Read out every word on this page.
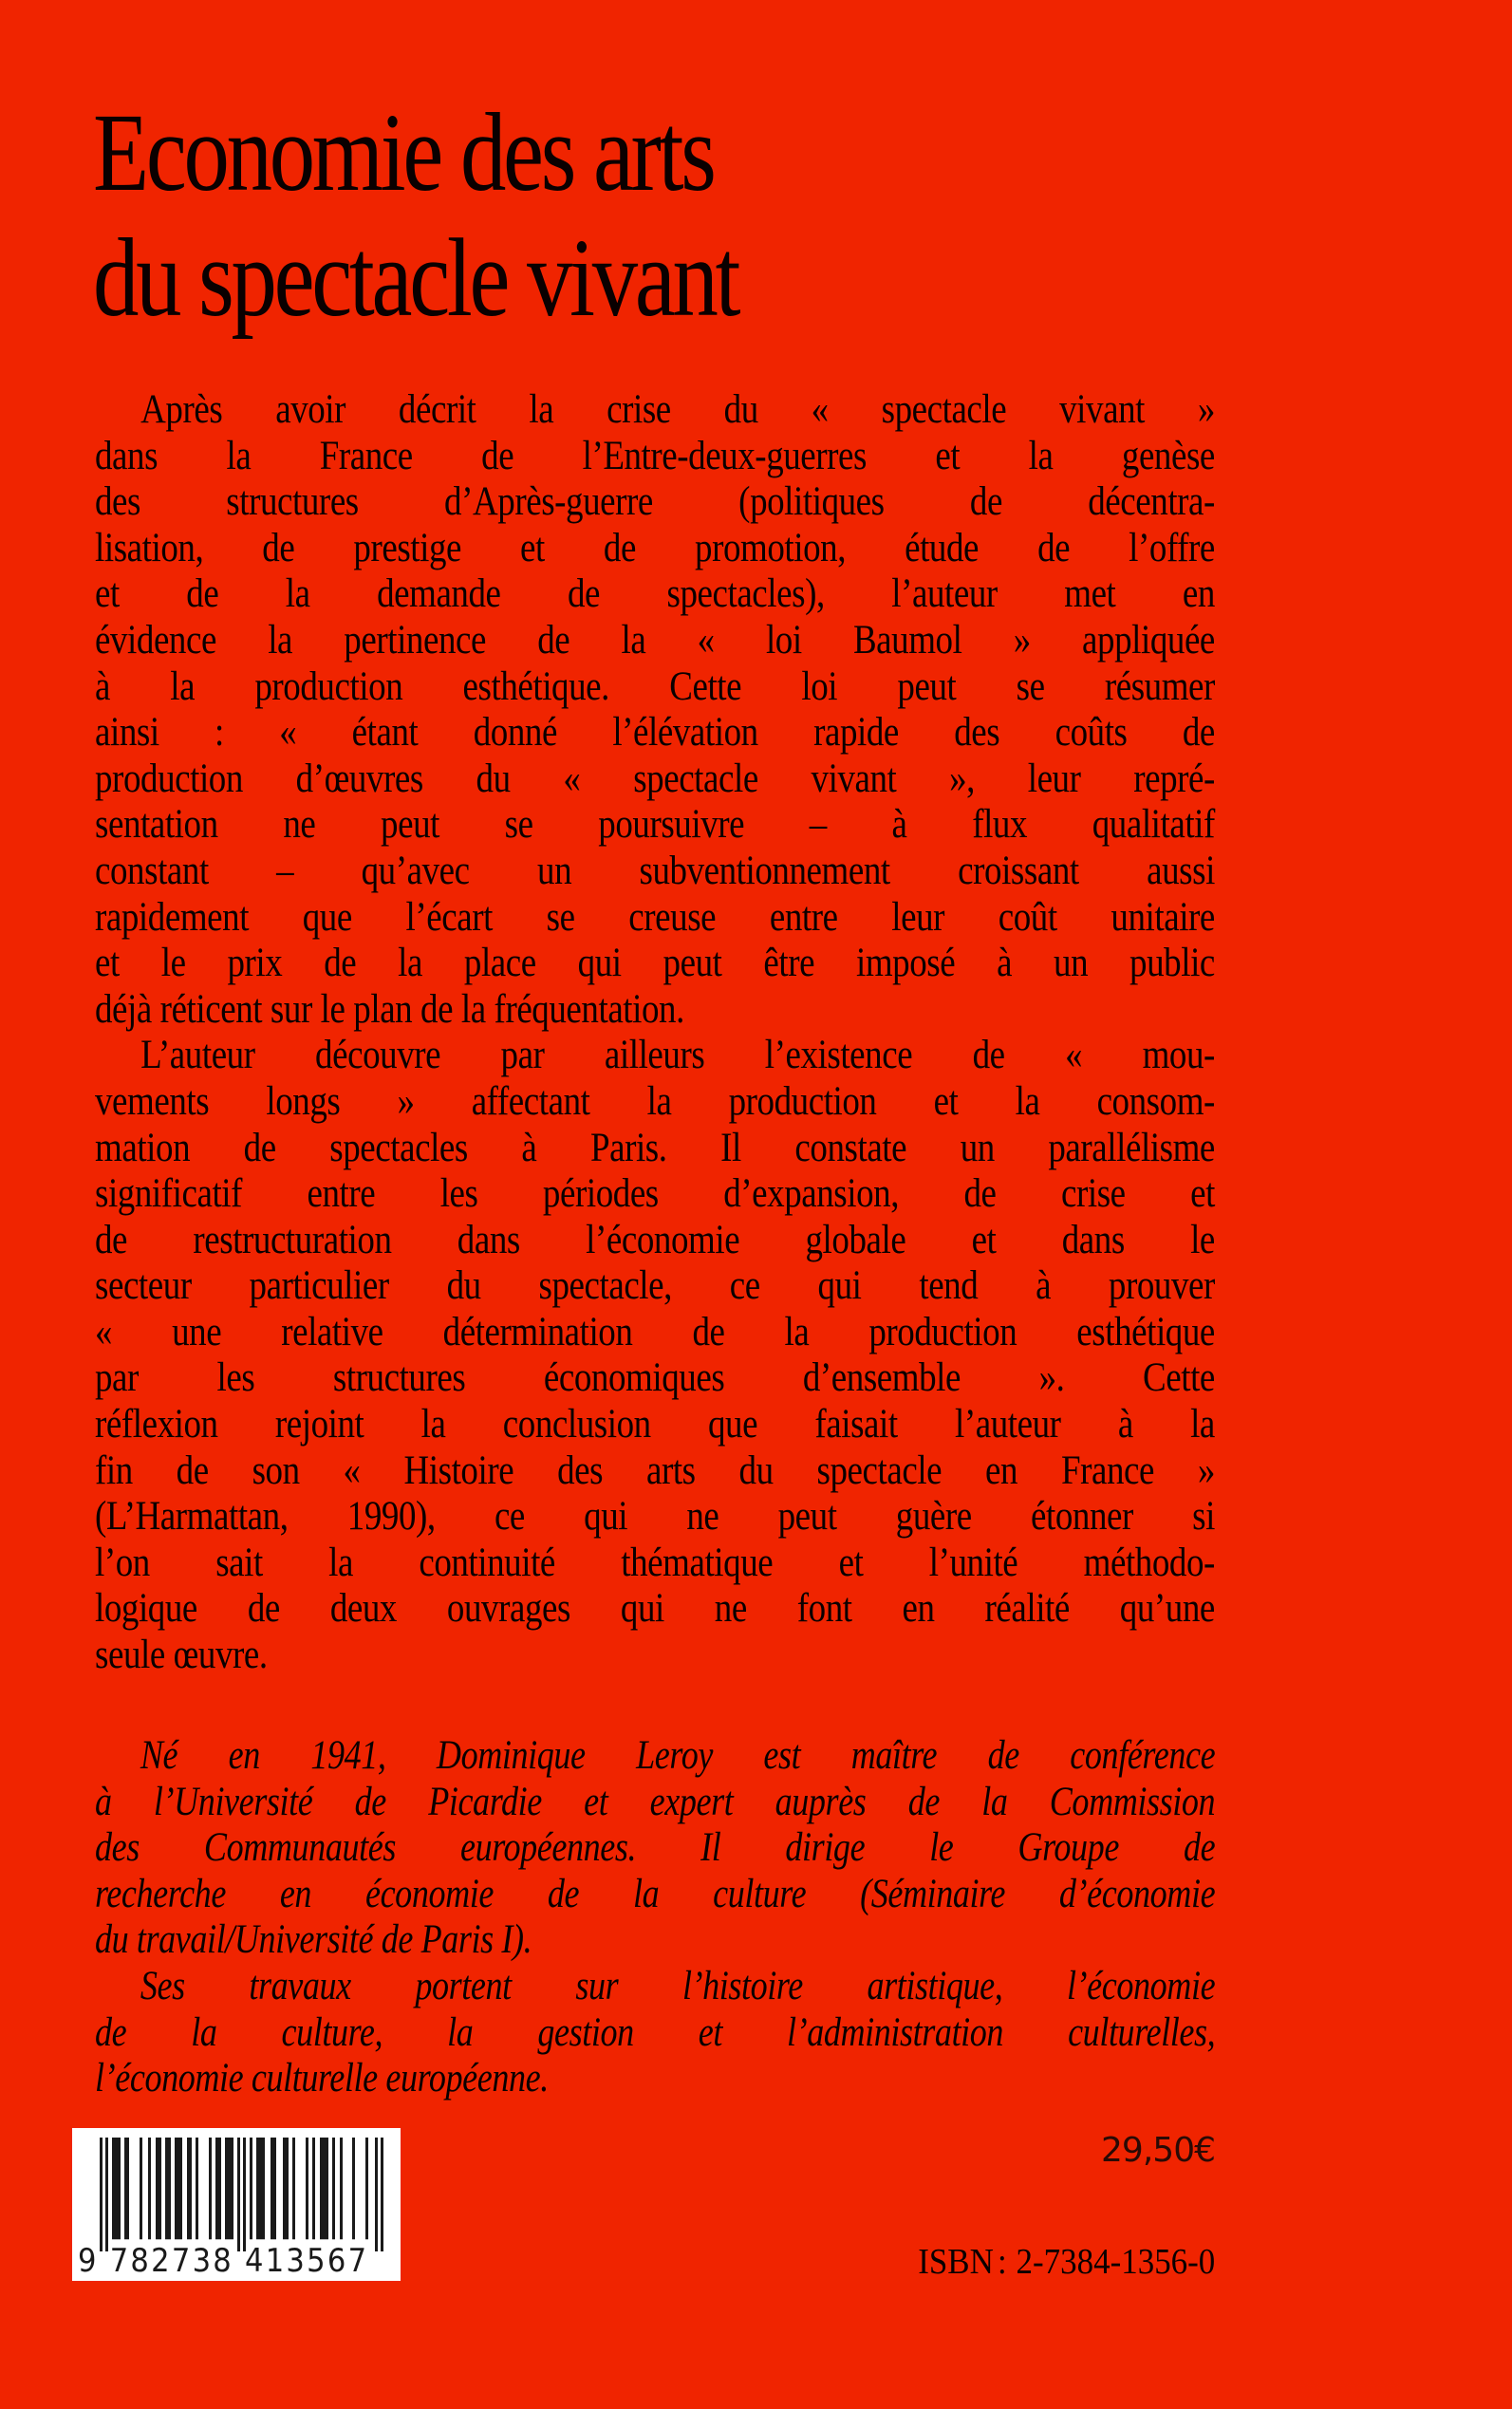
Economie des arts
du spectacle vivant
Après avoir décrit la crise du « spectacle vivant »
dans la France de l’Entre-deux-guerres et la genèse
des structures d’Après-guerre (politiques de décentra-
lisation, de prestige et de promotion, étude de l’offre
et de la demande de spectacles), l’auteur met en
évidence la pertinence de la « loi Baumol » appliquée
à la production esthétique. Cette loi peut se résumer
ainsi : « étant donné l’élévation rapide des coûts de
production d’œuvres du « spectacle vivant », leur repré-
sentation ne peut se poursuivre – à flux qualitatif
constant – qu’avec un subventionnement croissant aussi
rapidement que l’écart se creuse entre leur coût unitaire
et le prix de la place qui peut être imposé à un public
déjà réticent sur le plan de la fréquentation.
L’auteur découvre par ailleurs l’existence de « mou-
vements longs » affectant la production et la consom-
mation de spectacles à Paris. Il constate un parallélisme
significatif entre les périodes d’expansion, de crise et
de restructuration dans l’économie globale et dans le
secteur particulier du spectacle, ce qui tend à prouver
« une relative détermination de la production esthétique
par les structures économiques d’ensemble ». Cette
réflexion rejoint la conclusion que faisait l’auteur à la
fin de son « Histoire des arts du spectacle en France »
(L’Harmattan, 1990), ce qui ne peut guère étonner si
l’on sait la continuité thématique et l’unité méthodo-
logique de deux ouvrages qui ne font en réalité qu’une
seule œuvre.
Né en 1941, Dominique Leroy est maître de conférence
à l’Université de Picardie et expert auprès de la Commission
des Communautés européennes. Il dirige le Groupe de
recherche en économie de la culture (Séminaire d’économie
du travail/Université de Paris I).
Ses travaux portent sur l’histoire artistique, l’économie
de la culture, la gestion et l’administration culturelles,
l’économie culturelle européenne.
9 782738 413567
29,50€
ISBN : 2-7384-1356-0
